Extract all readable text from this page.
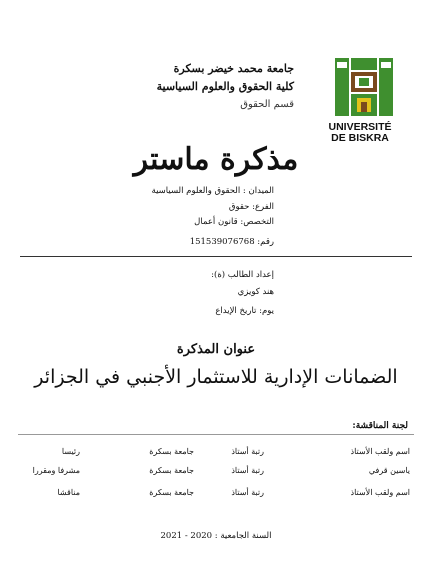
UNIVERSITÉ
DE BISKRA
جامعة محمد خيضر بسكرة
كلية الحقوق والعلوم السياسية
قسم الحقوق
مذكرة ماستر
الميدان : الحقوق والعلوم السياسية
الفرع: حقوق
التخصص: قانون أعمال
رقم: 151539076768
إعداد الطالب (ة):
هند كويزي
يوم: تاريخ الإيداع
عنوان المذكرة
الضمانات الإدارية للاستثمار الأجنبي في الجزائر
لجنة المناقشة:
اسم ولقب الأستاذ
رتبة أستاذ
جامعة بسكرة
رئيسا
ياسين قرفي
رتبة أستاذ
جامعة بسكرة
مشرفا ومقررا
اسم ولقب الأستاذ
رتبة أستاذ
جامعة بسكرة
مناقشا
السنة الجامعية : 2020 - 2021
